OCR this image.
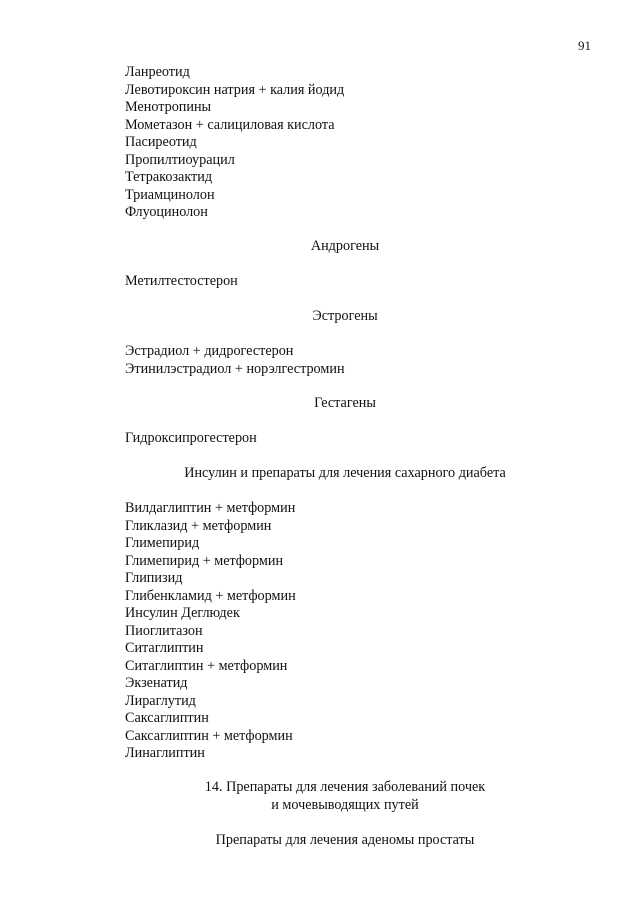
91
Ланреотид
Левотироксин натрия + калия йодид
Менотропины
Мометазон + салициловая кислота
Пасиреотид
Пропилтиоурацил
Тетракозактид
Триамцинолон
Флуоцинолон
Андрогены
Метилтестостерон
Эстрогены
Эстрадиол + дидрогестерон
Этинилэстрадиол + норэлгестромин
Гестагены
Гидроксипрогестерон
Инсулин и препараты для лечения сахарного диабета
Вилдаглиптин + метформин
Гликлазид + метформин
Глимепирид
Глимепирид + метформин
Глипизид
Глибенкламид + метформин
Инсулин Деглюдек
Пиоглитазон
Ситаглиптин
Ситаглиптин + метформин
Экзенатид
Лираглутид
Саксаглиптин
Саксаглиптин + метформин
Линаглиптин
14. Препараты для лечения заболеваний почек
и мочевыводящих путей
Препараты для лечения аденомы простаты
